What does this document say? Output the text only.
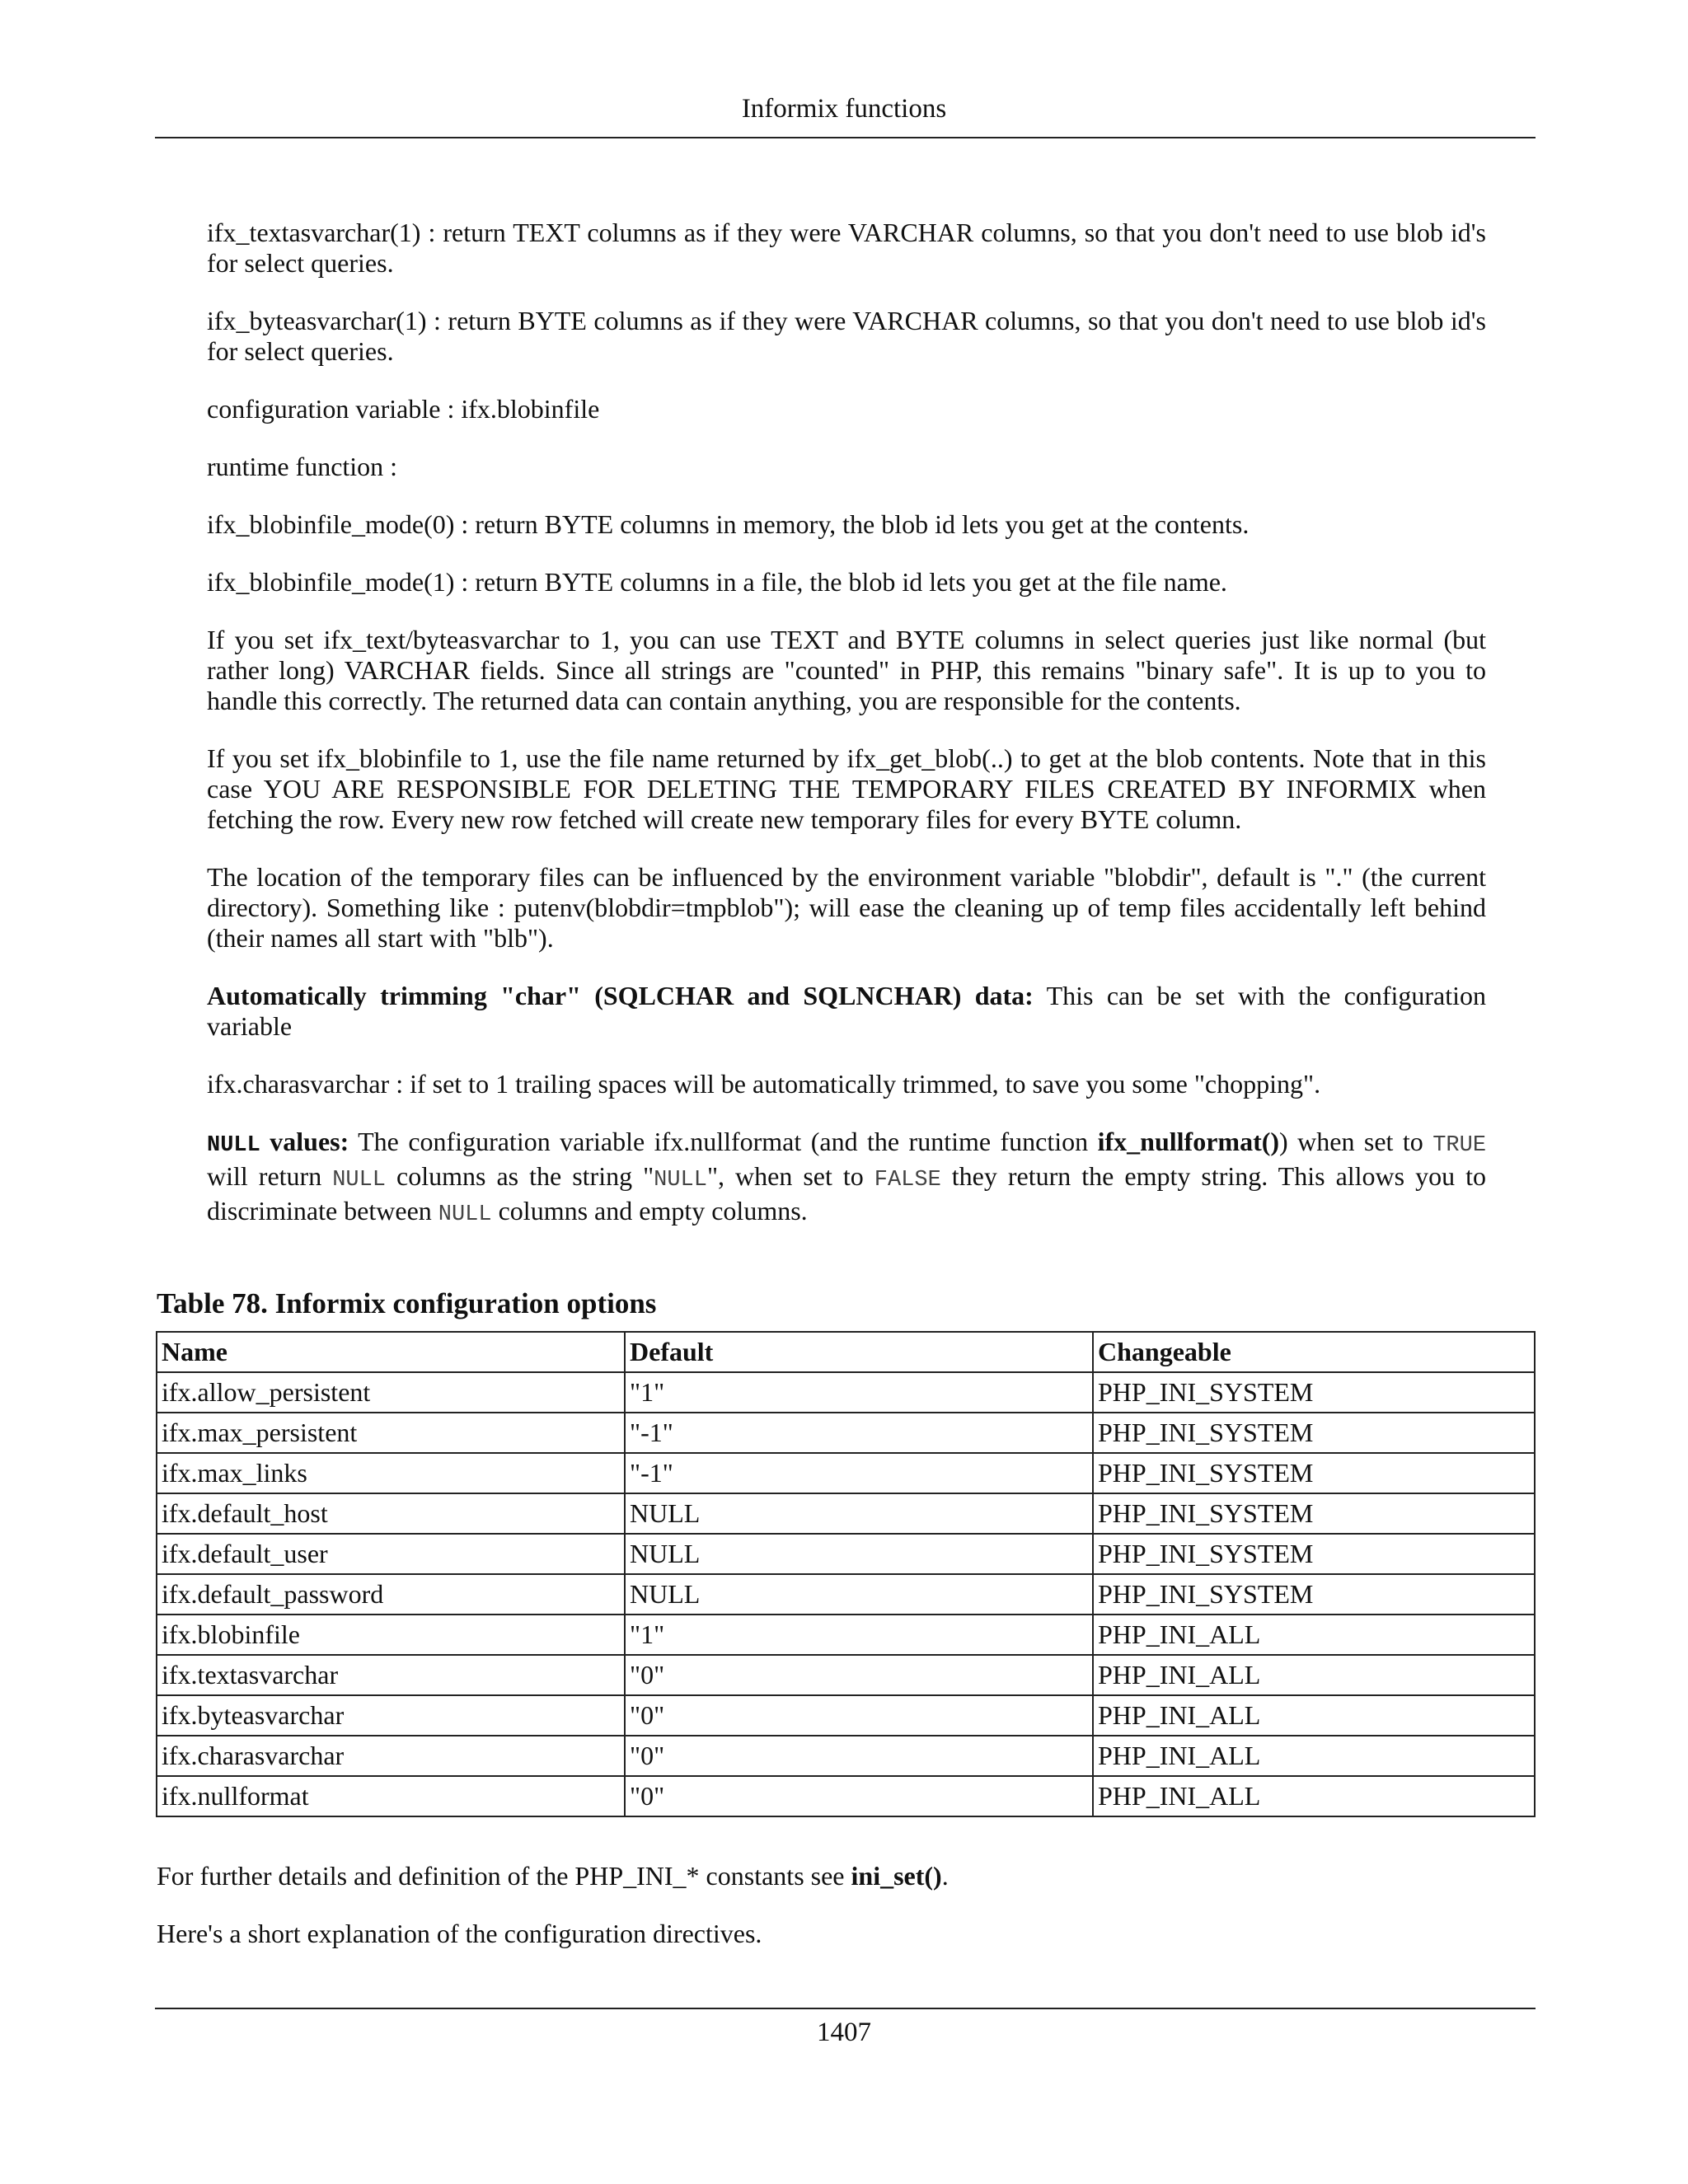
Informix functions

ifx_textasvarchar(1) : return TEXT columns as if they were VARCHAR columns, so that you don't need to use blob id's for select queries.

ifx_byteasvarchar(1) : return BYTE columns as if they were VARCHAR columns, so that you don't need to use blob id's for select queries.

configuration variable : ifx.blobinfile

runtime function :

ifx_blobinfile_mode(0) : return BYTE columns in memory, the blob id lets you get at the contents.

ifx_blobinfile_mode(1) : return BYTE columns in a file, the blob id lets you get at the file name.

If you set ifx_text/byteasvarchar to 1, you can use TEXT and BYTE columns in select queries just like normal (but rather long) VARCHAR fields. Since all strings are "counted" in PHP, this remains "binary safe". It is up to you to handle this correctly. The returned data can contain anything, you are responsible for the contents.

If you set ifx_blobinfile to 1, use the file name returned by ifx_get_blob(..) to get at the blob contents. Note that in this case YOU ARE RESPONSIBLE FOR DELETING THE TEMPORARY FILES CREATED BY INFORMIX when fetching the row. Every new row fetched will create new temporary files for every BYTE column.

The location of the temporary files can be influenced by the environment variable "blobdir", default is "." (the current directory). Something like : putenv(blobdir=tmpblob"); will ease the cleaning up of temp files accidentally left behind (their names all start with "blb").

Automatically trimming "char" (SQLCHAR and SQLNCHAR) data: This can be set with the configuration variable

ifx.charasvarchar : if set to 1 trailing spaces will be automatically trimmed, to save you some "chopping".

NULL values: The configuration variable ifx.nullformat (and the runtime function ifx_nullformat()) when set to TRUE will return NULL columns as the string "NULL", when set to FALSE they return the empty string. This allows you to discriminate between NULL columns and empty columns.

Table 78. Informix configuration options
Name	Default	Changeable
ifx.allow_persistent	"1"	PHP_INI_SYSTEM
ifx.max_persistent	"-1"	PHP_INI_SYSTEM
ifx.max_links	"-1"	PHP_INI_SYSTEM
ifx.default_host	NULL	PHP_INI_SYSTEM
ifx.default_user	NULL	PHP_INI_SYSTEM
ifx.default_password	NULL	PHP_INI_SYSTEM
ifx.blobinfile	"1"	PHP_INI_ALL
ifx.textasvarchar	"0"	PHP_INI_ALL
ifx.byteasvarchar	"0"	PHP_INI_ALL
ifx.charasvarchar	"0"	PHP_INI_ALL
ifx.nullformat	"0"	PHP_INI_ALL

For further details and definition of the PHP_INI_* constants see ini_set().

Here's a short explanation of the configuration directives.

1407
